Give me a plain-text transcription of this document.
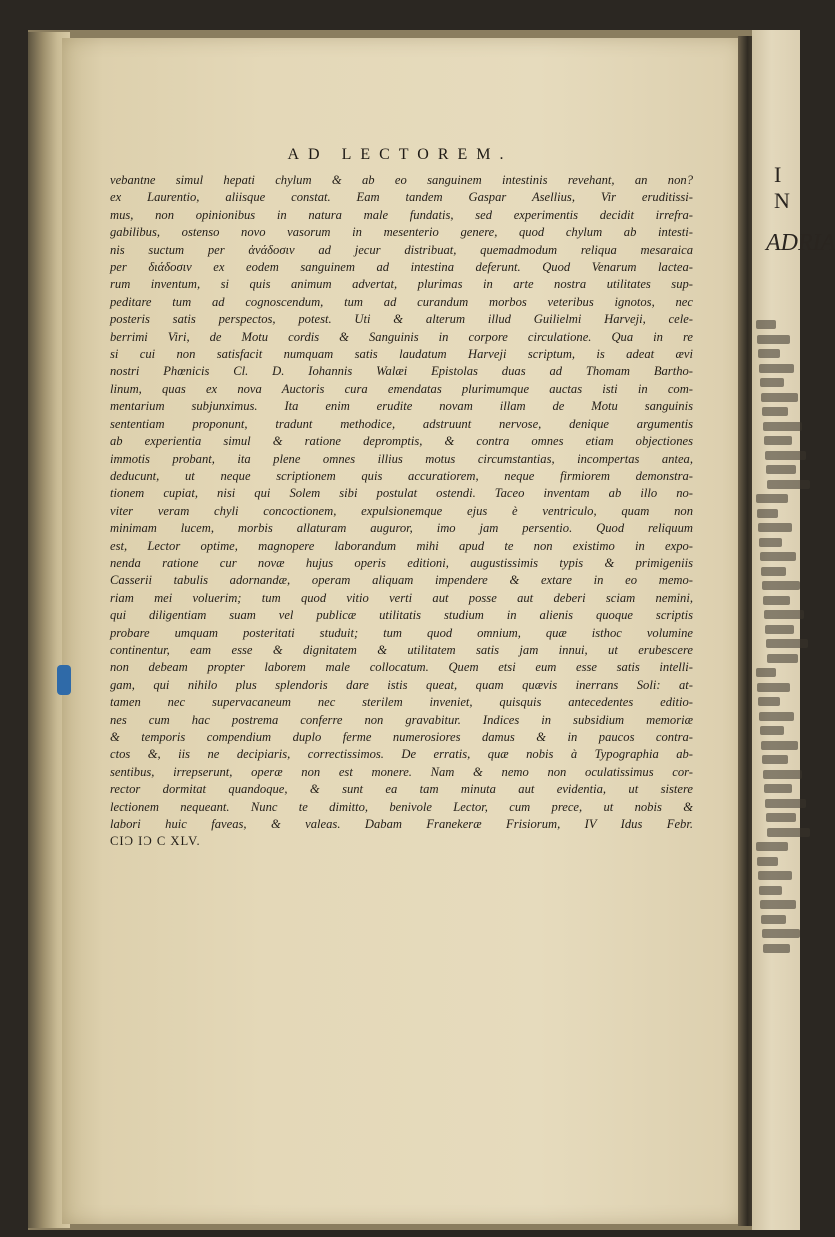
I N
ADRIA
AD LECTOREM.
vebantne simul hepati chylum & ab eo sanguinem intestinis revehant, an non?
ex Laurentio, aliisque constat. Eam tandem Gaspar Asellius, Vir eruditissi-
mus, non opinionibus in natura male fundatis, sed experimentis decidit irrefra-
gabilibus, ostenso novo vasorum in mesenterio genere, quod chylum ab intesti-
nis suctum per ἀνάδοσιν ad jecur distribuat, quemadmodum reliqua mesaraica
per διάδοσιν ex eodem sanguinem ad intestina deferunt. Quod Venarum lactea-
rum inventum, si quis animum advertat, plurimas in arte nostra utilitates sup-
peditare tum ad cognoscendum, tum ad curandum morbos veteribus ignotos, nec
posteris satis perspectos, potest. Uti & alterum illud Guilielmi Harveji, cele-
berrimi Viri, de Motu cordis & Sanguinis in corpore circulatione. Qua in re
si cui non satisfacit numquam satis laudatum Harveji scriptum, is adeat ævi
nostri Phœnicis Cl. D. Iohannis Walæi Epistolas duas ad Thomam Bartho-
linum, quas ex nova Auctoris cura emendatas plurimumque auctas isti in com-
mentarium subjunximus. Ita enim erudite novam illam de Motu sanguinis
sententiam proponunt, tradunt methodice, adstruunt nervose, denique argumentis
ab experientia simul & ratione depromptis, & contra omnes etiam objectiones
immotis probant, ita plene omnes illius motus circumstantias, incompertas antea,
deducunt, ut neque scriptionem quis accuratiorem, neque firmiorem demonstra-
tionem cupiat, nisi qui Solem sibi postulat ostendi. Taceo inventam ab illo no-
viter veram chyli concoctionem, expulsionemque ejus è ventriculo, quam non
minimam lucem, morbis allaturam auguror, imo jam persentio. Quod reliquum
est, Lector optime, magnopere laborandum mihi apud te non existimo in expo-
nenda ratione cur novæ hujus operis editioni, augustissimis typis & primigeniis
Casserii tabulis adornandæ, operam aliquam impendere & extare in eo memo-
riam mei voluerim; tum quod vitio verti aut posse aut deberi sciam nemini,
qui diligentiam suam vel publicæ utilitatis studium in alienis quoque scriptis
probare umquam posteritati studuit; tum quod omnium, quæ isthoc volumine
continentur, eam esse & dignitatem & utilitatem satis jam innui, ut erubescere
non debeam propter laborem male collocatum. Quem etsi eum esse satis intelli-
gam, qui nihilo plus splendoris dare istis queat, quam quævis inerrans Soli: at-
tamen nec supervacaneum nec sterilem inveniet, quisquis antecedentes editio-
nes cum hac postrema conferre non gravabitur. Indices in subsidium memoriæ
& temporis compendium duplo ferme numerosiores damus & in paucos contra-
ctos &, iis ne decipiaris, correctissimos. De erratis, quæ nobis à Typographia ab-
sentibus, irrepserunt, operæ non est monere. Nam & nemo non oculatissimus cor-
rector dormitat quandoque, & sunt ea tam minuta aut evidentia, ut sistere
lectionem nequeant. Nunc te dimitto, benivole Lector, cum prece, ut nobis &
labori huic faveas, & valeas. Dabam Franekeræ Frisiorum, IV Idus Febr.
CIƆ IƆ C XLV.
